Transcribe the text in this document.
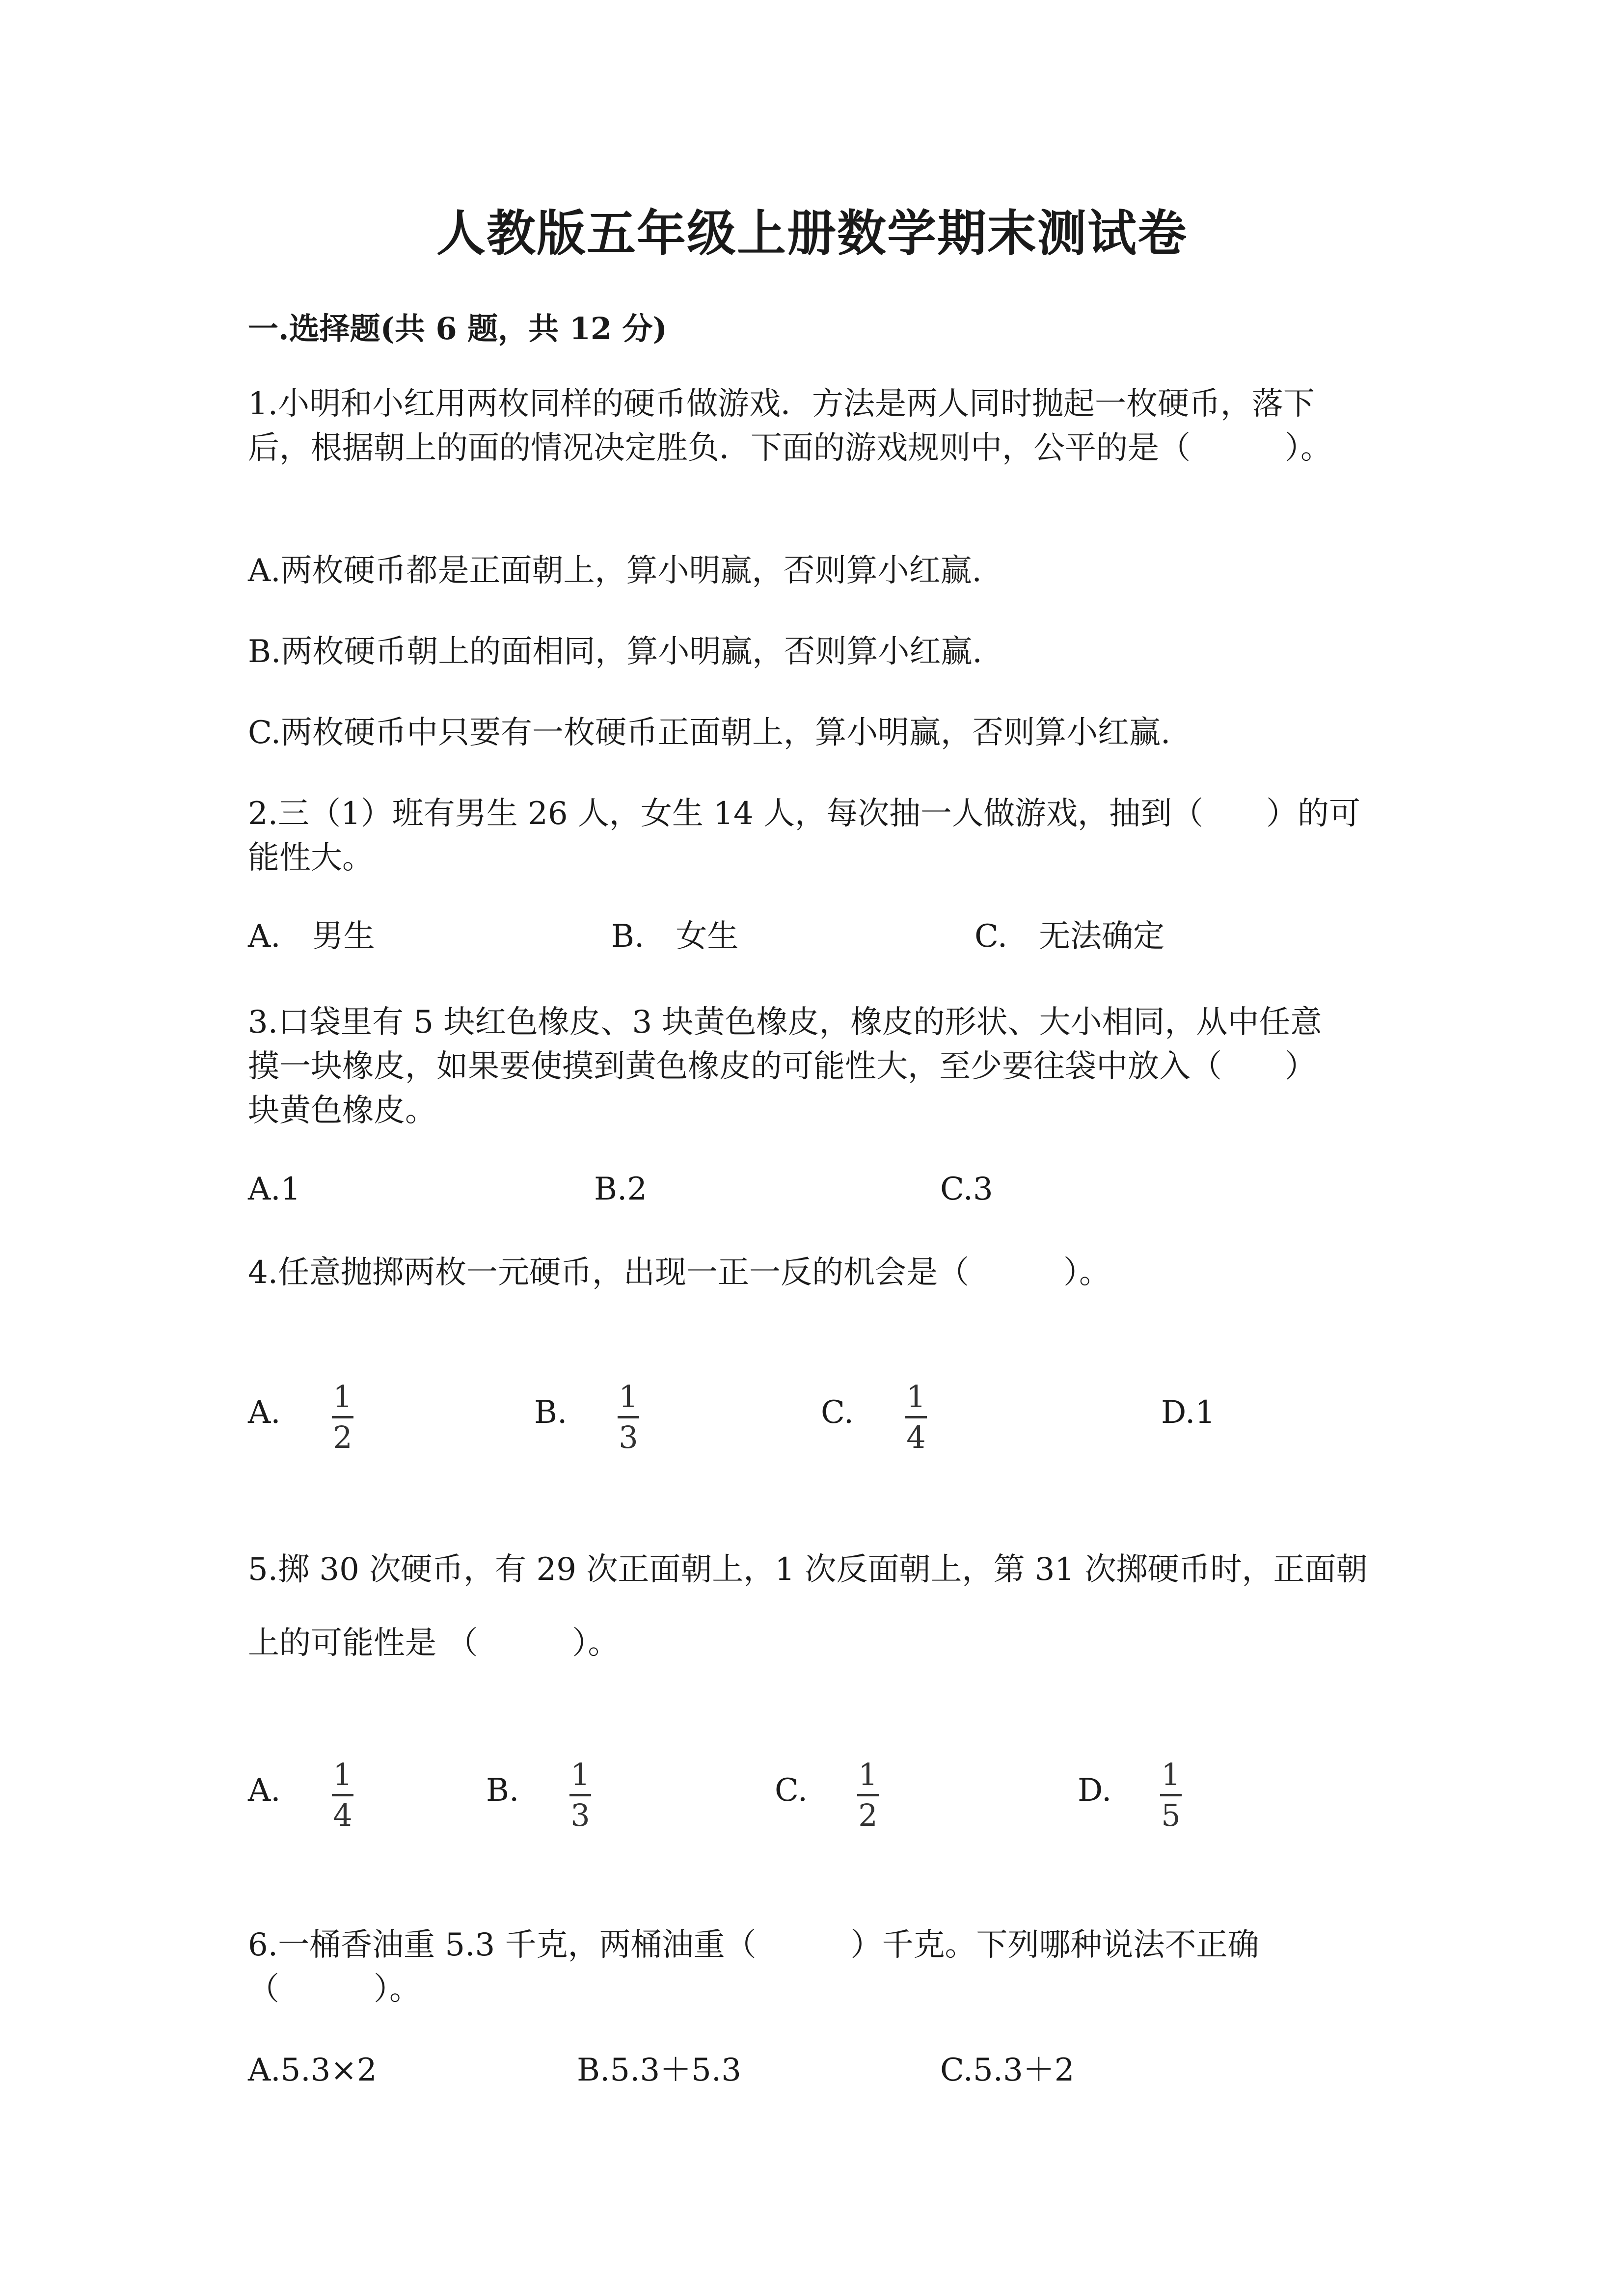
人教版五年级上册数学期末测试卷
一.选择题(共 6 题，共 12 分)
1.小明和小红用两枚同样的硬币做游戏．方法是两人同时抛起一枚硬币，落下
后，根据朝上的面的情况决定胜负．下面的游戏规则中，公平的是（　　　）。
A.两枚硬币都是正面朝上，算小明赢，否则算小红赢.
B.两枚硬币朝上的面相同，算小明赢，否则算小红赢.
C.两枚硬币中只要有一枚硬币正面朝上，算小明赢，否则算小红赢.
2.三（1）班有男生 26 人，女生 14 人，每次抽一人做游戏，抽到（　　）的可
能性大。
A.　男生	B.　女生	C.　无法确定
3.口袋里有 5 块红色橡皮、3 块黄色橡皮，橡皮的形状、大小相同，从中任意
摸一块橡皮，如果要使摸到黄色橡皮的可能性大，至少要往袋中放入（　　）
块黄色橡皮。
A.1	B.2	C.3
4.任意抛掷两枚一元硬币，出现一正一反的机会是（　　　）。
A. 1
2
B. 1
3
C. 1
4
D.1
5.掷 30 次硬币，有 29 次正面朝上，1 次反面朝上，第 31 次掷硬币时，正面朝
上的可能性是 （　　　）。
A. 1
4
B. 1
3
C. 1
2
D. 1
5
6.一桶香油重 5.3 千克，两桶油重（　　　）千克。下列哪种说法不正确
（　　　）。
A.5.3×2	B.5.3＋5.3	C.5.3＋2
